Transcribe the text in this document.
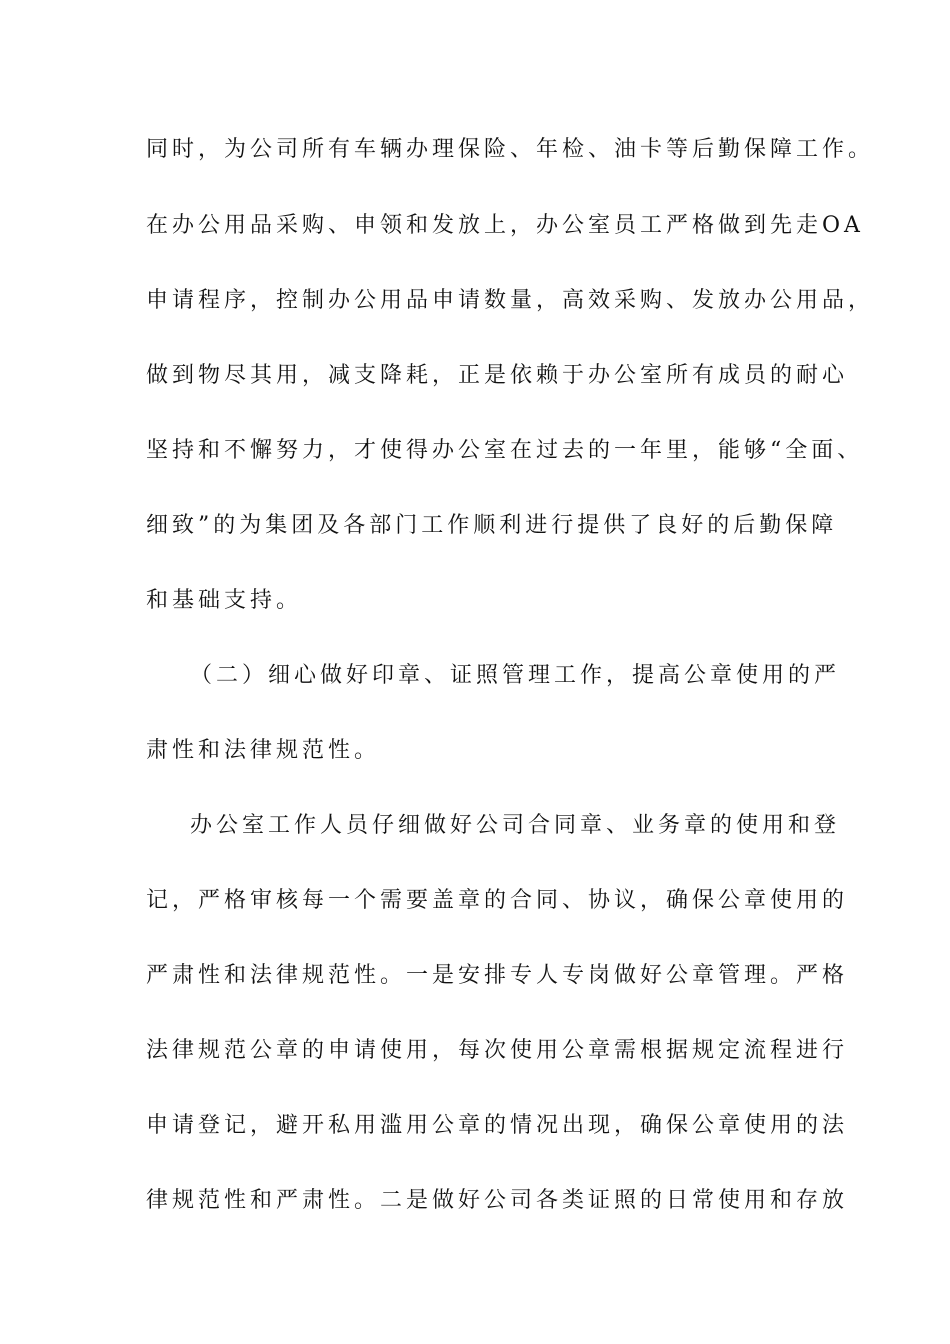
同时，为公司所有车辆办理保险、年检、油卡等后勤保障工作。
在办公用品采购、申领和发放上，办公室员工严格做到先走OA
申请程序，控制办公用品申请数量，高效采购、发放办公用品，
做到物尽其用，减支降耗，正是依赖于办公室所有成员的耐心
坚持和不懈努力，才使得办公室在过去的一年里，能够“全面、
细致”的为集团及各部门工作顺利进行提供了良好的后勤保障
和基础支持。
（二）细心做好印章、证照管理工作，提高公章使用的严
肃性和法律规范性。
办公室工作人员仔细做好公司合同章、业务章的使用和登
记，严格审核每一个需要盖章的合同、协议，确保公章使用的
严肃性和法律规范性。一是安排专人专岗做好公章管理。严格
法律规范公章的申请使用，每次使用公章需根据规定流程进行
申请登记，避开私用滥用公章的情况出现，确保公章使用的法
律规范性和严肃性。二是做好公司各类证照的日常使用和存放
